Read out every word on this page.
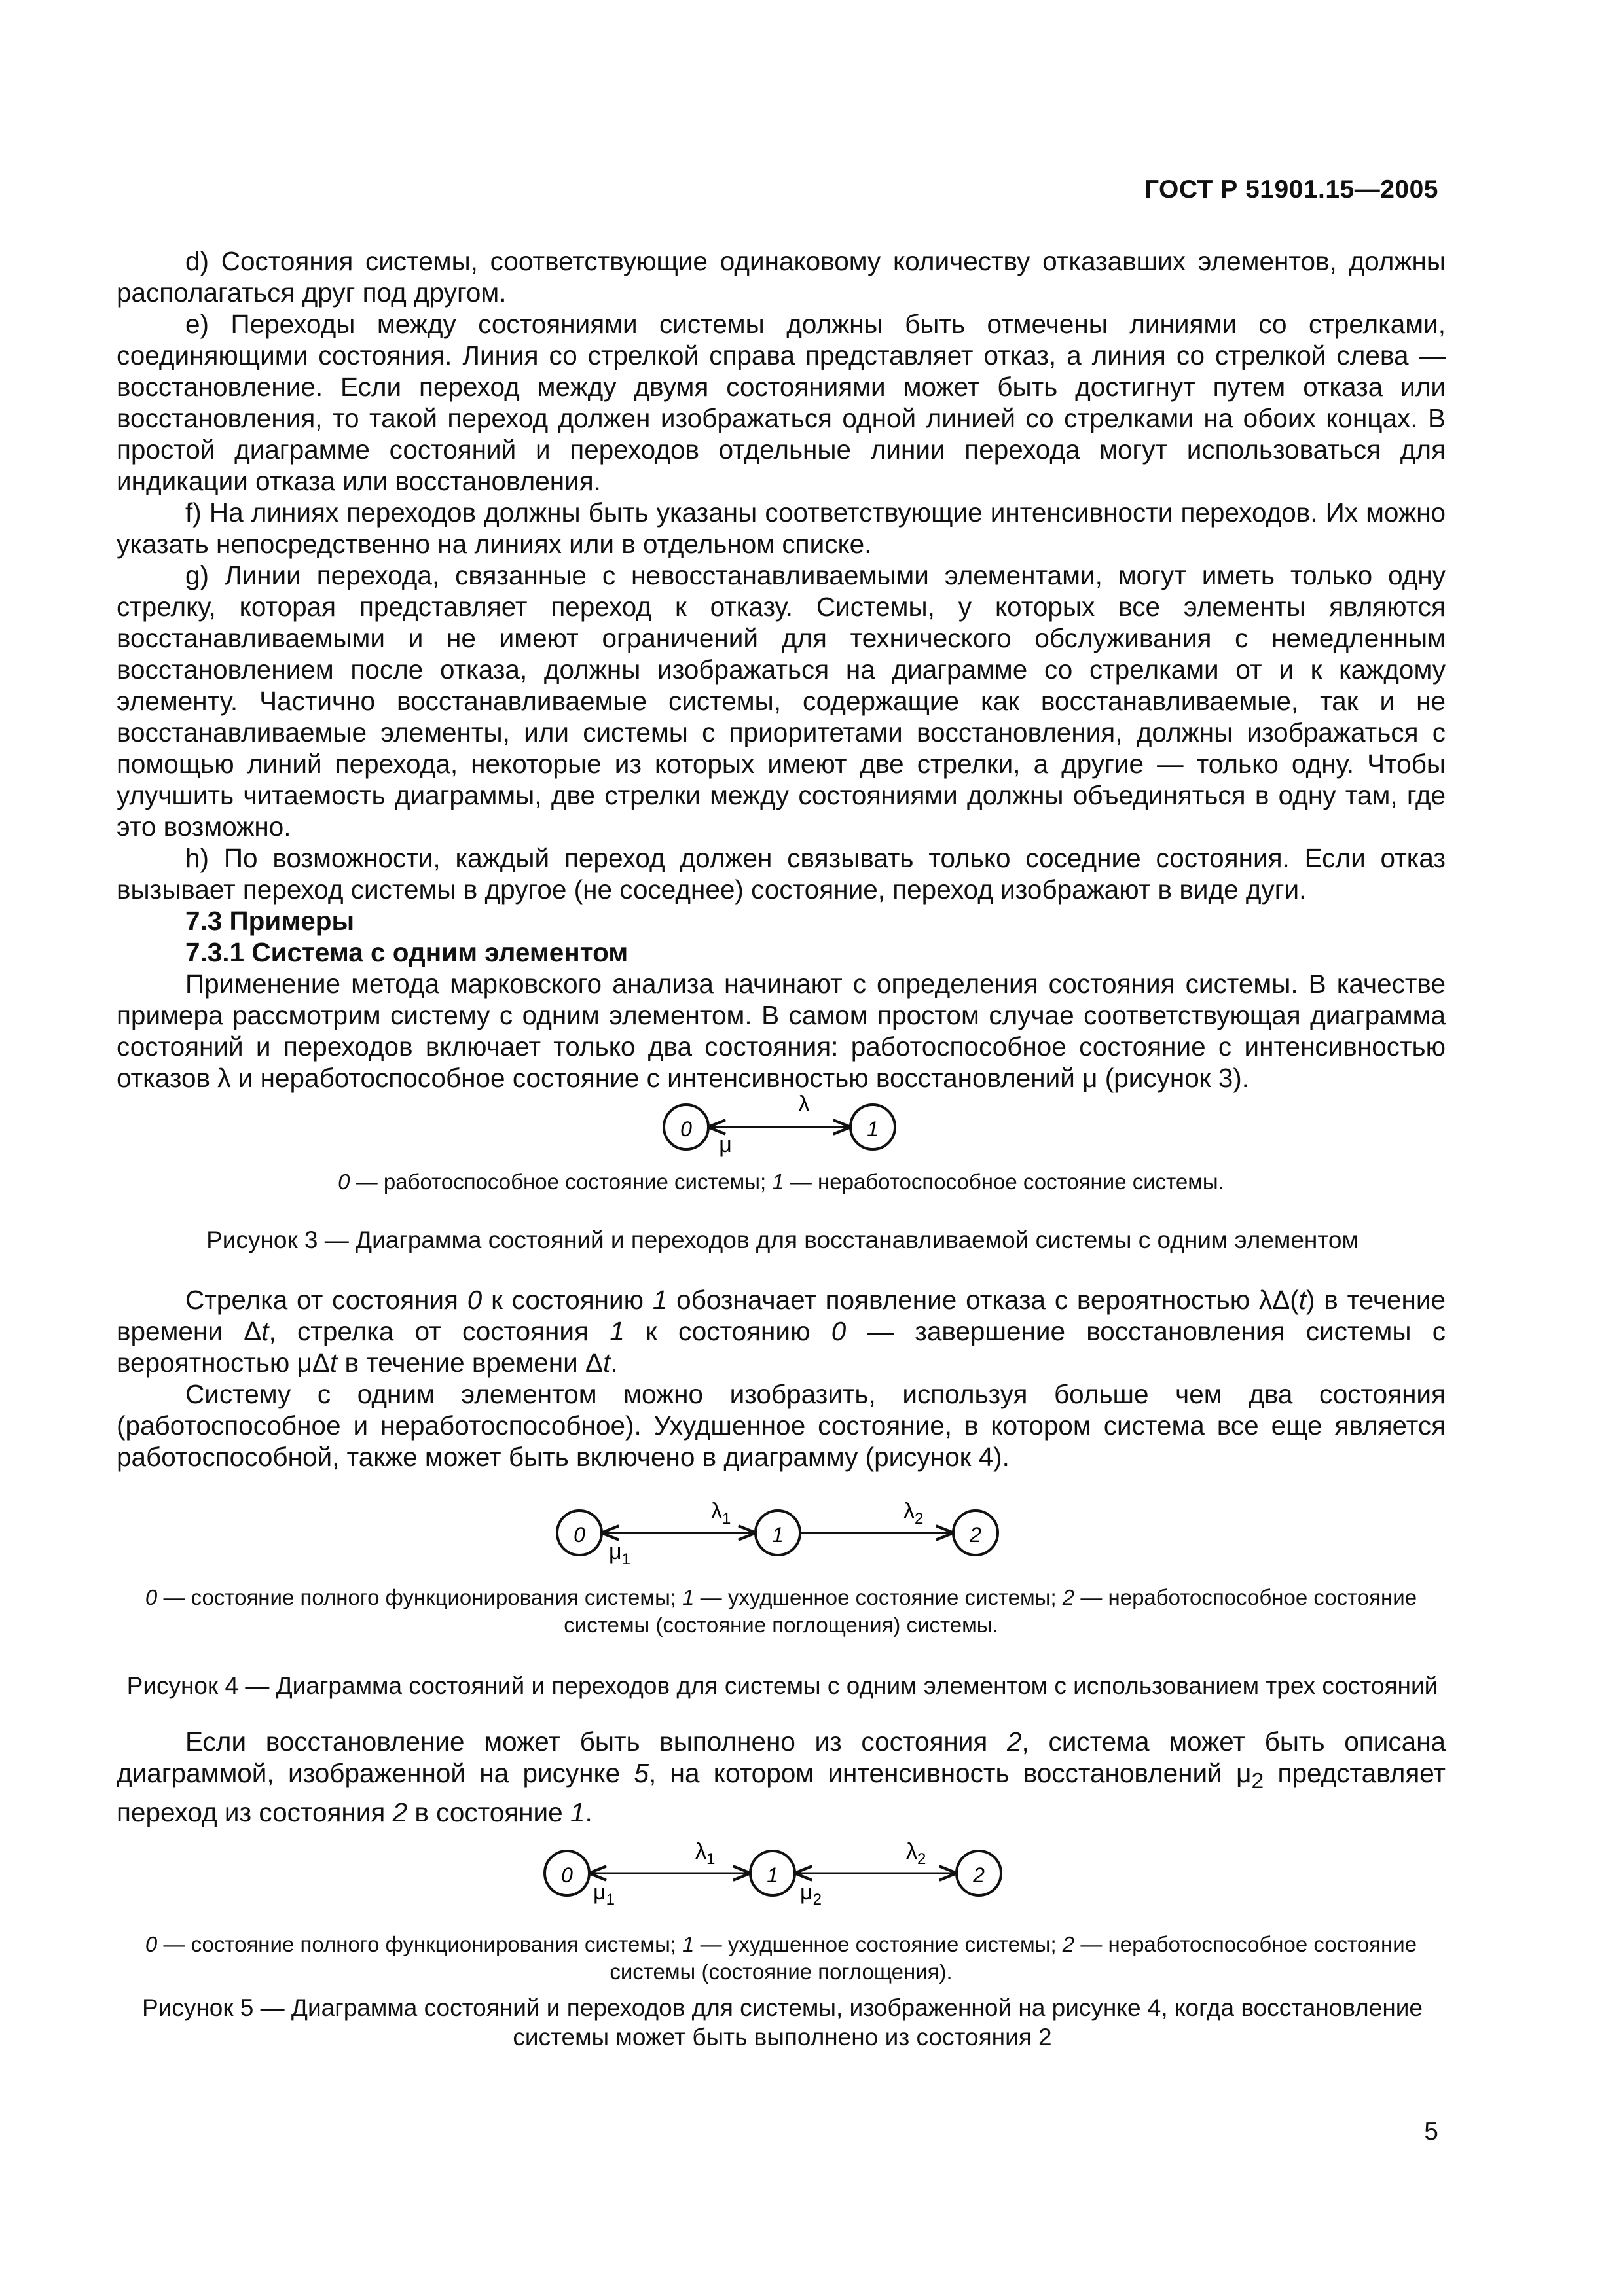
ГОСТ Р 51901.15—2005

d) Состояния системы, соответствующие одинаковому количеству отказавших элементов, должны располагаться друг под другом.

e) Переходы между состояниями системы должны быть отмечены линиями со стрелками, соединяющими состояния. Линия со стрелкой справа представляет отказ, а линия со стрелкой слева — восстановление. Если переход между двумя состояниями может быть достигнут путем отказа или восстановления, то такой переход должен изображаться одной линией со стрелками на обоих концах. В простой диаграмме состояний и переходов отдельные линии перехода могут использоваться для индикации отказа или восстановления.

f) На линиях переходов должны быть указаны соответствующие интенсивности переходов. Их можно указать непосредственно на линиях или в отдельном списке.

g) Линии перехода, связанные с невосстанавливаемыми элементами, могут иметь только одну стрелку, которая представляет переход к отказу. Системы, у которых все элементы являются восстанавливаемыми и не имеют ограничений для технического обслуживания с немедленным восстановлением после отказа, должны изображаться на диаграмме со стрелками от и к каждому элементу. Частично восстанавливаемые системы, содержащие как восстанавливаемые, так и не восстанавливаемые элементы, или системы с приоритетами восстановления, должны изображаться с помощью линий перехода, некоторые из которых имеют две стрелки, а другие — только одну. Чтобы улучшить читаемость диаграммы, две стрелки между состояниями должны объединяться в одну там, где это возможно.

h) По возможности, каждый переход должен связывать только соседние состояния. Если отказ вызывает переход системы в другое (не соседнее) состояние, переход изображают в виде дуги.

7.3 Примеры

7.3.1 Система с одним элементом

Применение метода марковского анализа начинают с определения состояния системы. В качестве примера рассмотрим систему с одним элементом. В самом простом случае соответствующая диаграмма состояний и переходов включает только два состояния: работоспособное состояние с интенсивностью отказов λ и неработоспособное состояние с интенсивностью восстановлений μ (рисунок 3).

0	1
λ
μ
0 — работоспособное состояние системы; 1 — неработоспособное состояние системы.
Рисунок 3 — Диаграмма состояний и переходов для восстанавливаемой системы с одним элементом

Стрелка от состояния 0 к состоянию 1 обозначает появление отказа с вероятностью λΔ(t) в течение времени Δt, стрелка от состояния 1 к состоянию 0 — завершение восстановления системы с вероятностью μΔt в течение времени Δt.

Систему с одним элементом можно изобразить, используя больше чем два состояния (работоспособное и неработоспособное). Ухудшенное состояние, в котором система все еще является работоспособной, также может быть включено в диаграмму (рисунок 4).

0	1	2
$\lambda_1$	$\lambda_2$
$\mu_1$
0 — состояние полного функционирования системы; 1 — ухудшенное состояние системы; 2 — неработоспособное состояние системы (состояние поглощения) системы.
Рисунок 4 — Диаграмма состояний и переходов для системы с одним элементом с использованием трех состояний

Если восстановление может быть выполнено из состояния 2, система может быть описана диаграммой, изображенной на рисунке 5, на котором интенсивность восстановлений $\mu_2$ представляет переход из состояния 2 в состояние 1.

0	1	2
$\lambda_1$	$\lambda_2$
$\mu_1$	$\mu_2$
0 — состояние полного функционирования системы; 1 — ухудшенное состояние системы; 2 — неработоспособное состояние системы (состояние поглощения).
Рисунок 5 — Диаграмма состояний и переходов для системы, изображенной на рисунке 4, когда восстановление системы может быть выполнено из состояния 2
5
